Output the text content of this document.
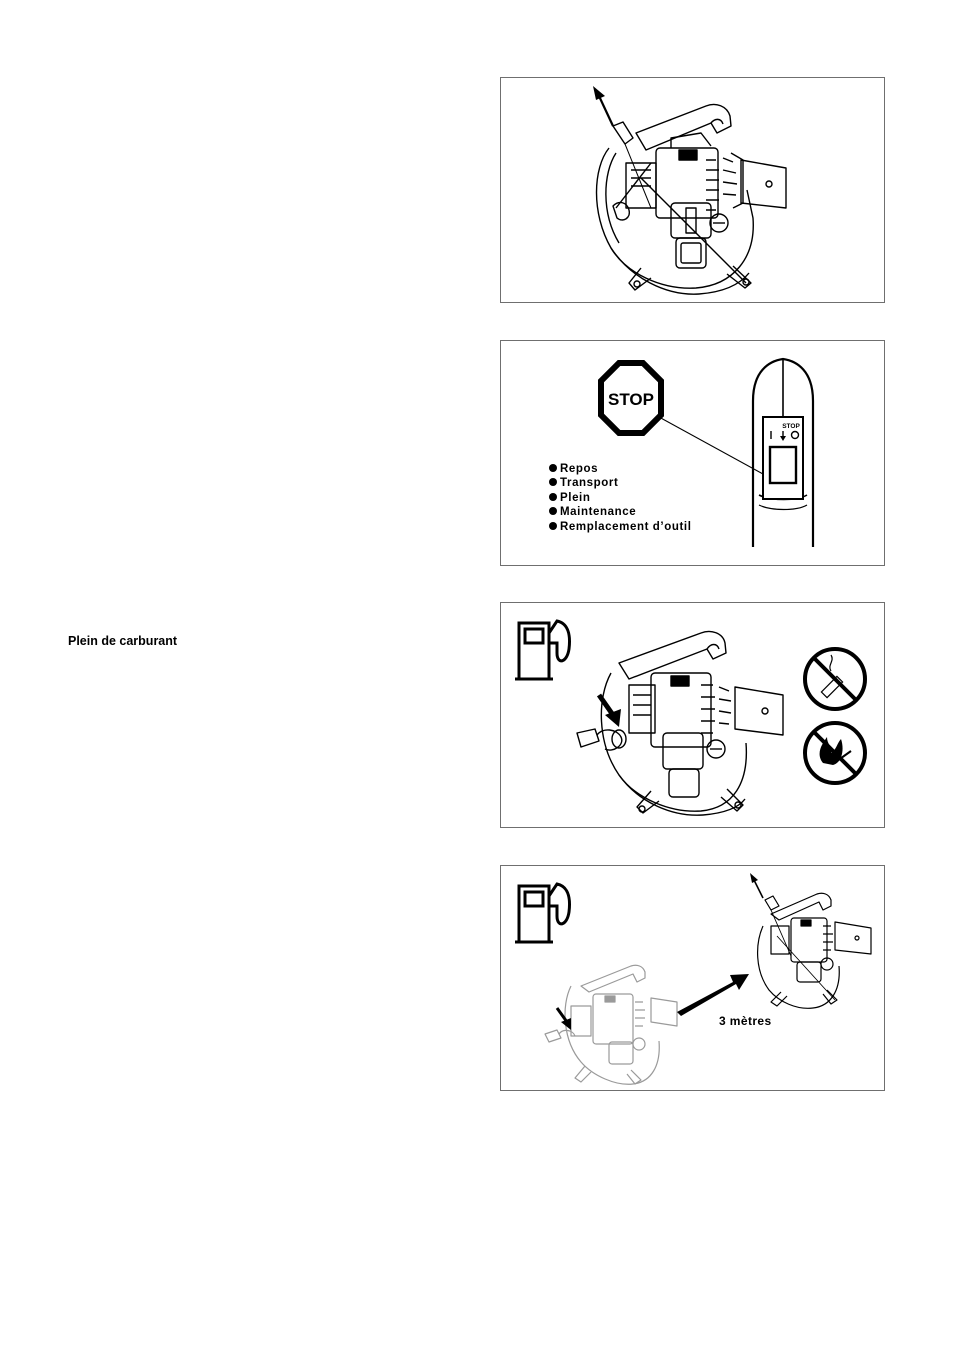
Plein de carburant
STOP
STOP
Repos
Transport
Plein
Maintenance
Remplacement d’outil
3 mètres
